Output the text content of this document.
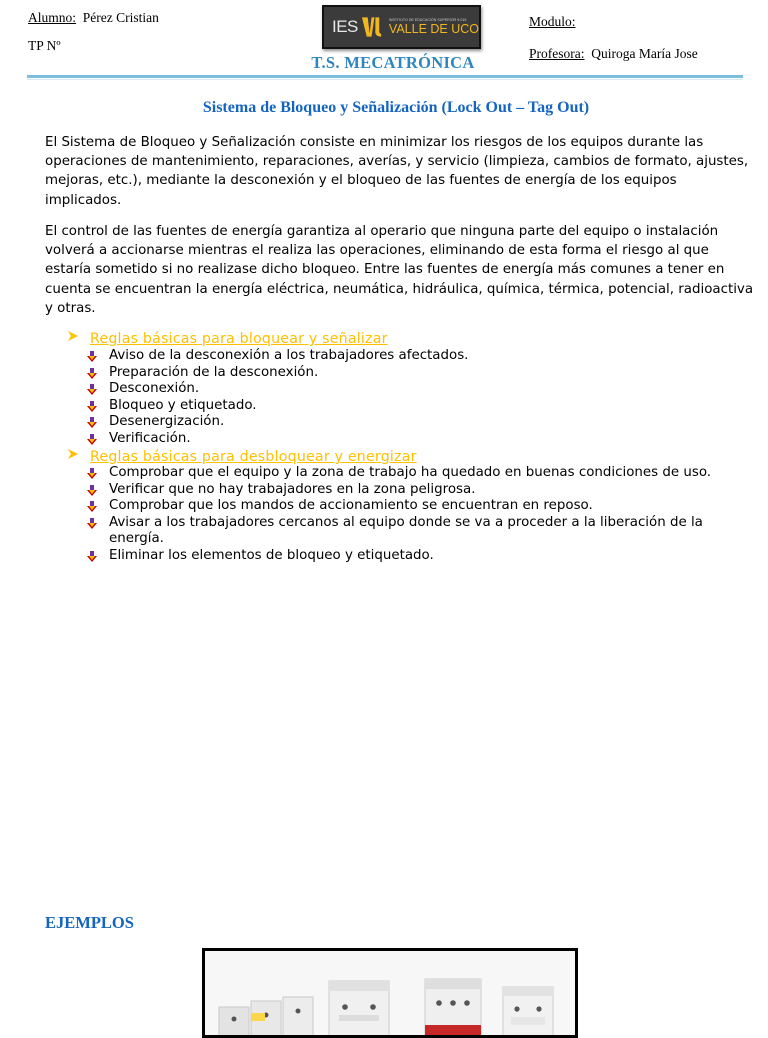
Alumno: Pérez Cristian
TP Nº
IES	INSTITUTO DE EDUCACIÓN SUPERIOR 9-015
VALLE DE UCO	Modulo:
Profesora: Quiroga María Jose
T.S. MECATRÓNICA
Sistema de Bloqueo y Señalización (Lock Out – Tag Out)

El Sistema de Bloqueo y Señalización consiste en minimizar los riesgos de los equipos durante las operaciones de mantenimiento, reparaciones, averías, y servicio (limpieza, cambios de formato, ajustes, mejoras, etc.), mediante la desconexión y el bloqueo de las fuentes de energía de los equipos implicados.

El control de las fuentes de energía garantiza al operario que ninguna parte del equipo o instalación volverá a accionarse mientras el realiza las operaciones, eliminando de esta forma el riesgo al que estaría sometido si no realizase dicho bloqueo. Entre las fuentes de energía más comunes a tener en cuenta se encuentran la energía eléctrica, neumática, hidráulica, química, térmica, potencial, radioactiva y otras.

Reglas básicas para bloquear y señalizar
Aviso de la desconexión a los trabajadores afectados.
Preparación de la desconexión.
Desconexión.
Bloqueo y etiquetado.
Desenergización.
Verificación.
Reglas básicas para desbloquear y energizar
Comprobar que el equipo y la zona de trabajo ha quedado en buenas condiciones de uso.
Verificar que no hay trabajadores en la zona peligrosa.
Comprobar que los mandos de accionamiento se encuentran en reposo.
Avisar a los trabajadores cercanos al equipo donde se va a proceder a la liberación de la energía.
Eliminar los elementos de bloqueo y etiquetado.
EJEMPLOS
